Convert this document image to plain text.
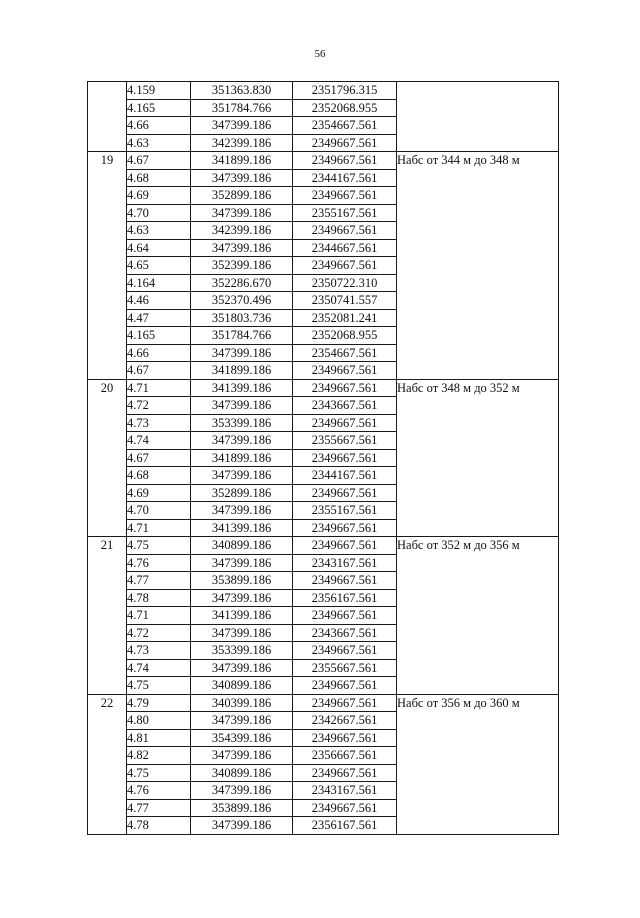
56
	4.159	351363.830	2351796.315	
	4.165	351784.766	2352068.955	
	4.66	347399.186	2354667.561	
	4.63	342399.186	2349667.561	
19	4.67	341899.186	2349667.561	Набс от 344 м до 348 м
	4.68	347399.186	2344167.561	
	4.69	352899.186	2349667.561	
	4.70	347399.186	2355167.561	
	4.63	342399.186	2349667.561	
	4.64	347399.186	2344667.561	
	4.65	352399.186	2349667.561	
	4.164	352286.670	2350722.310	
	4.46	352370.496	2350741.557	
	4.47	351803.736	2352081.241	
	4.165	351784.766	2352068.955	
	4.66	347399.186	2354667.561	
	4.67	341899.186	2349667.561	
20	4.71	341399.186	2349667.561	Набс от 348 м до 352 м
	4.72	347399.186	2343667.561	
	4.73	353399.186	2349667.561	
	4.74	347399.186	2355667.561	
	4.67	341899.186	2349667.561	
	4.68	347399.186	2344167.561	
	4.69	352899.186	2349667.561	
	4.70	347399.186	2355167.561	
	4.71	341399.186	2349667.561	
21	4.75	340899.186	2349667.561	Набс от 352 м до 356 м
	4.76	347399.186	2343167.561	
	4.77	353899.186	2349667.561	
	4.78	347399.186	2356167.561	
	4.71	341399.186	2349667.561	
	4.72	347399.186	2343667.561	
	4.73	353399.186	2349667.561	
	4.74	347399.186	2355667.561	
	4.75	340899.186	2349667.561	
22	4.79	340399.186	2349667.561	Набс от 356 м до 360 м
	4.80	347399.186	2342667.561	
	4.81	354399.186	2349667.561	
	4.82	347399.186	2356667.561	
	4.75	340899.186	2349667.561	
	4.76	347399.186	2343167.561	
	4.77	353899.186	2349667.561	
	4.78	347399.186	2356167.561	
